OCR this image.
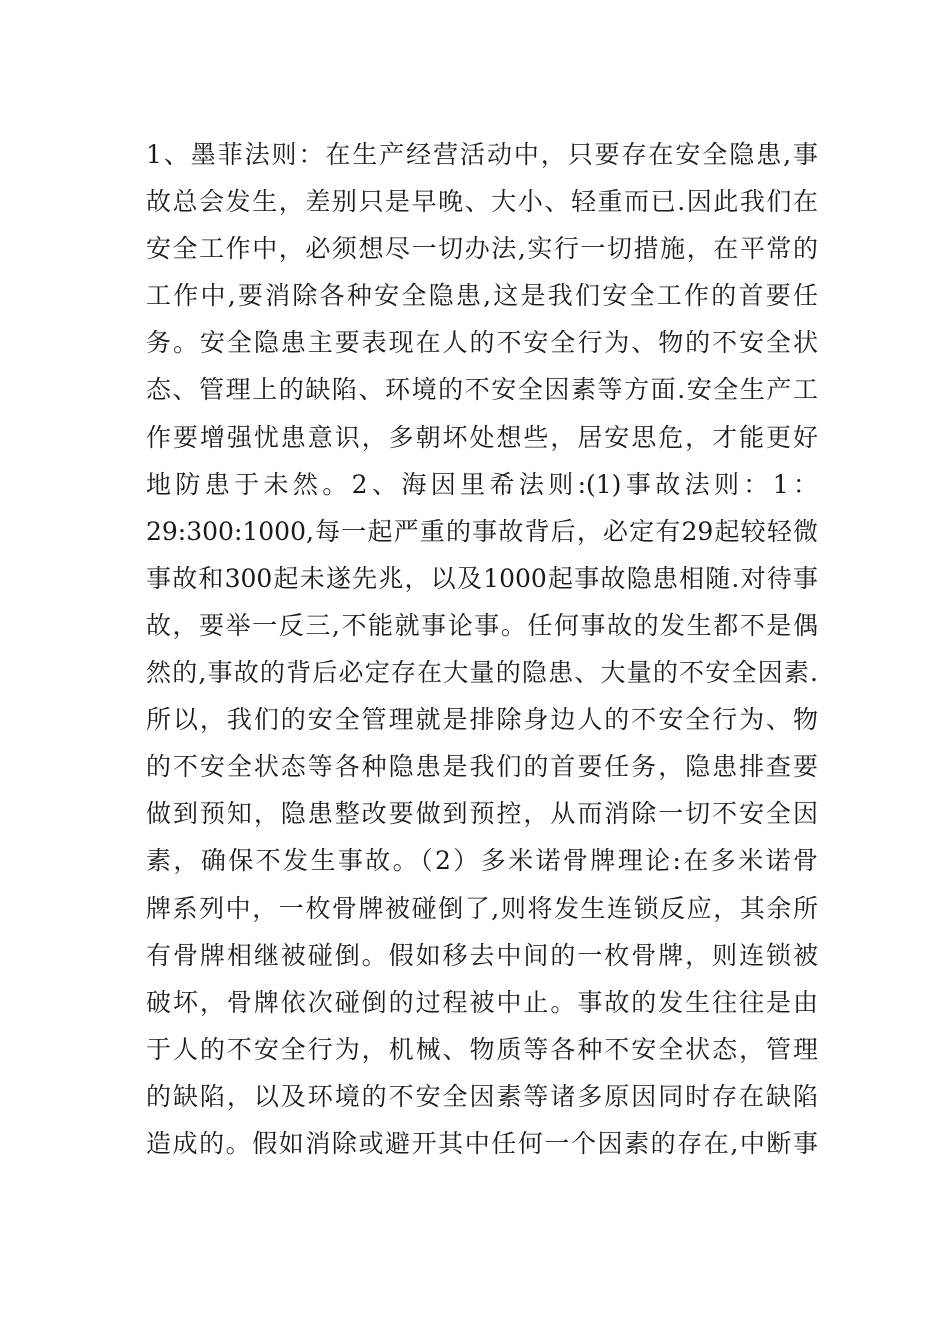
1、墨菲法则：在生产经营活动中，只要存在安全隐患,事
故总会发生，差别只是早晚、大小、轻重而已.因此我们在
安全工作中，必须想尽一切办法,实行一切措施，在平常的
工作中,要消除各种安全隐患,这是我们安全工作的首要任
务。安全隐患主要表现在人的不安全行为、物的不安全状
态、管理上的缺陷、环境的不安全因素等方面.安全生产工
作要增强忧患意识，多朝坏处想些，居安思危，才能更好
地防患于未然。2、海因里希法则:(1)事故法则：1：
29:300:1000,每一起严重的事故背后，必定有29起较轻微
事故和300起未遂先兆，以及1000起事故隐患相随.对待事
故，要举一反三,不能就事论事。任何事故的发生都不是偶
然的,事故的背后必定存在大量的隐患、大量的不安全因素.
所以，我们的安全管理就是排除身边人的不安全行为、物
的不安全状态等各种隐患是我们的首要任务，隐患排查要
做到预知，隐患整改要做到预控，从而消除一切不安全因
素，确保不发生事故。（2）多米诺骨牌理论:在多米诺骨
牌系列中，一枚骨牌被碰倒了,则将发生连锁反应，其余所
有骨牌相继被碰倒。假如移去中间的一枚骨牌，则连锁被
破坏，骨牌依次碰倒的过程被中止。事故的发生往往是由
于人的不安全行为，机械、物质等各种不安全状态，管理
的缺陷，以及环境的不安全因素等诸多原因同时存在缺陷
造成的。假如消除或避开其中任何一个因素的存在,中断事
